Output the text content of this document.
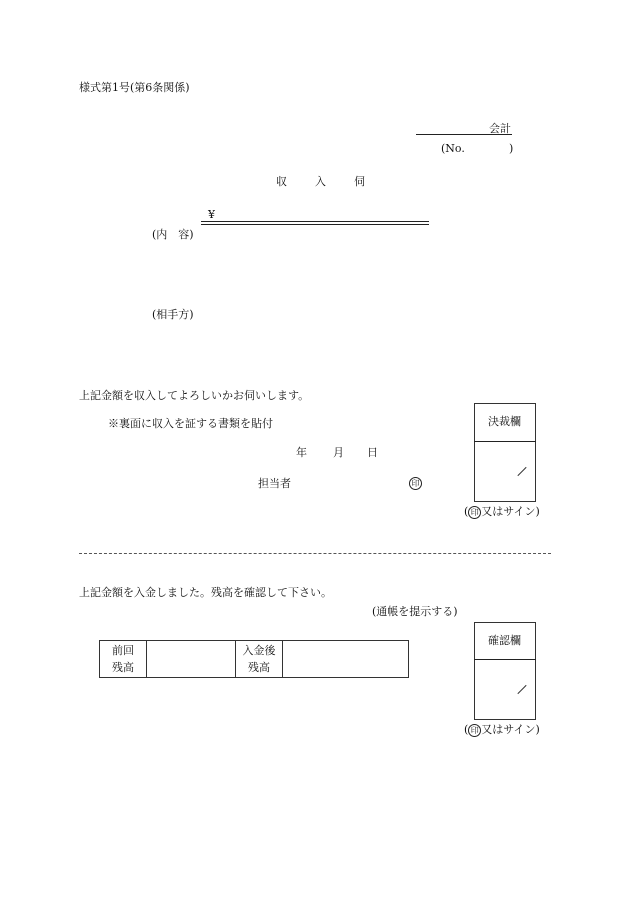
様式第1号(第6条関係)
会計
(No.	)
収入伺
¥
(内　容)
(相手方)
上記金額を収入してよろしいかお伺いします。
※裏面に収入を証する書類を貼付
年 月 日
担当者	印
決裁欄
( 印 又はサイン)
上記金額を入金しました。残高を確認して下さい。
(通帳を提示する)
前回
残高
入金後
残高
確認欄
( 印 又はサイン)
